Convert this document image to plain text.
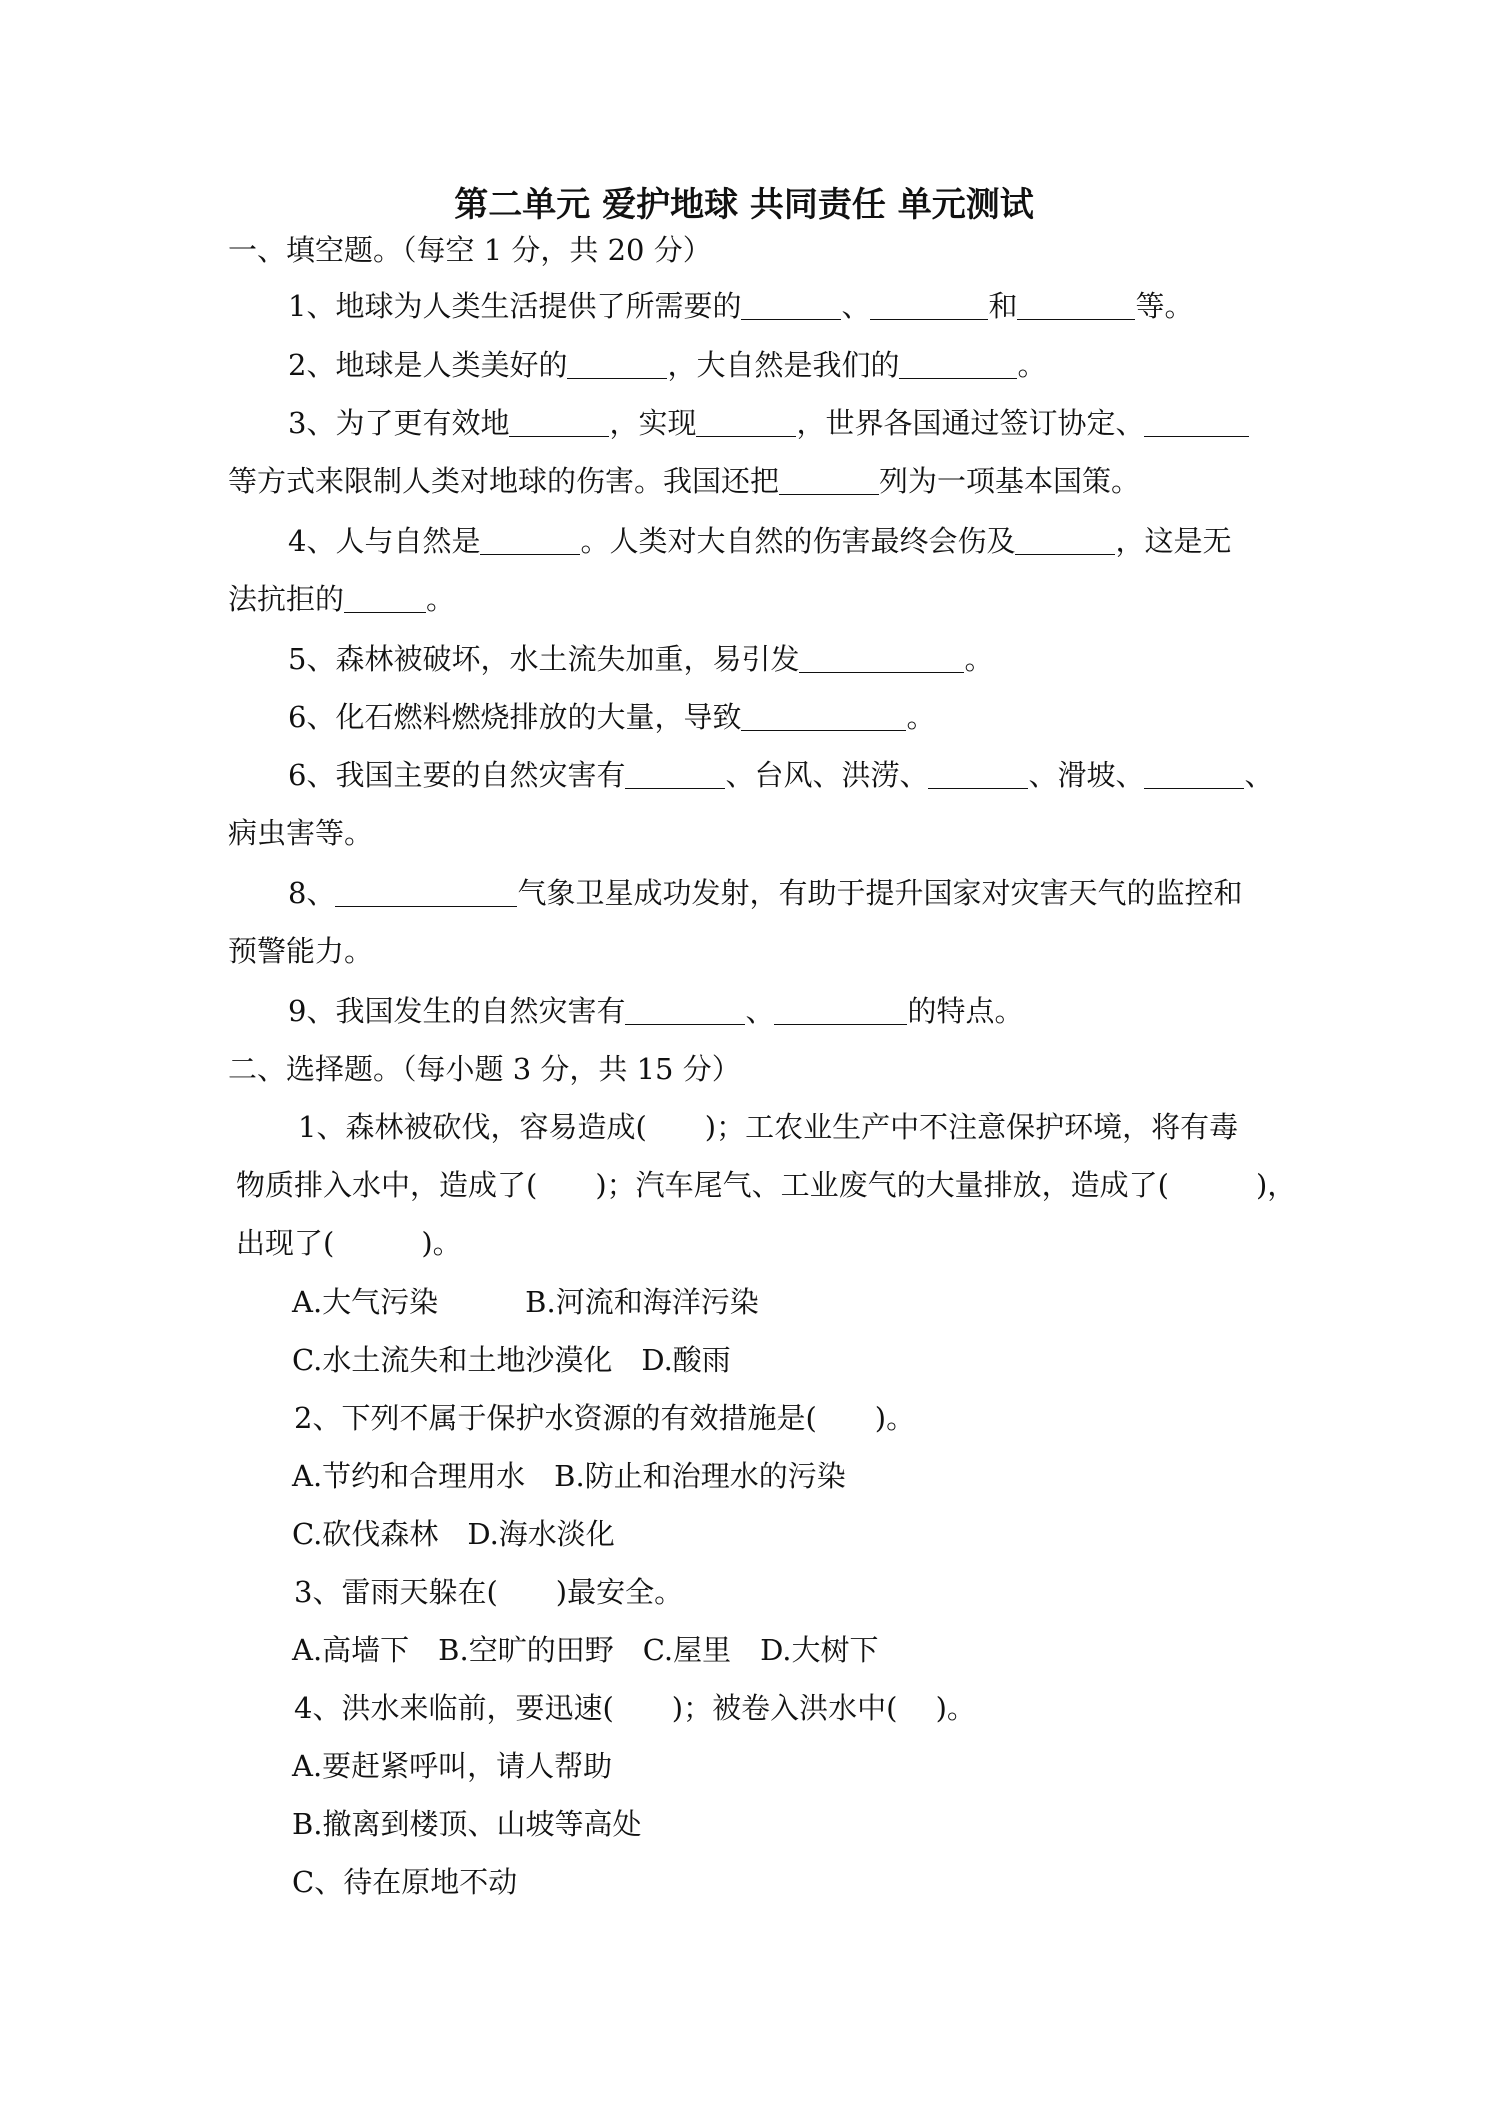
第二单元 爱护地球 共同责任 单元测试
一、填空题。（每空 1 分，共 20 分）
1、地球为人类生活提供了所需要的	、	和	等。
2、地球是人类美好的	，大自然是我们的	。
3、为了更有效地	，实现	，世界各国通过签订协定、
等方式来限制人类对地球的伤害。我国还把	列为一项基本国策。
4、人与自然是	。人类对大自然的伤害最终会伤及	，这是无
法抗拒的	。
5、森林被破坏，水土流失加重，易引发	。
6、化石燃料燃烧排放的大量，导致	。
6、我国主要的自然灾害有	、台风、洪涝、	、滑坡、	、
病虫害等。
8、	气象卫星成功发射，有助于提升国家对灾害天气的监控和
预警能力。
9、我国发生的自然灾害有	、	的特点。
二、选择题。（每小题 3 分，共 15 分）
1、森林被砍伐，容易造成(　　)；工农业生产中不注意保护环境，将有毒
物质排入水中，造成了(　　)；汽车尾气、工业废气的大量排放，造成了(　　　)，
出现了(　　　)。
A.大气污染　　　B.河流和海洋污染
C.水土流失和土地沙漠化　D.酸雨
2、下列不属于保护水资源的有效措施是(　　)。
A.节约和合理用水　B.防止和治理水的污染
C.砍伐森林　D.海水淡化
3、雷雨天躲在(　　)最安全。
A.高墙下　B.空旷的田野　C.屋里　D.大树下
4、洪水来临前，要迅速(　　)；被卷入洪水中(　 )。
A.要赶紧呼叫，请人帮助
B.撤离到楼顶、山坡等高处
C、待在原地不动
